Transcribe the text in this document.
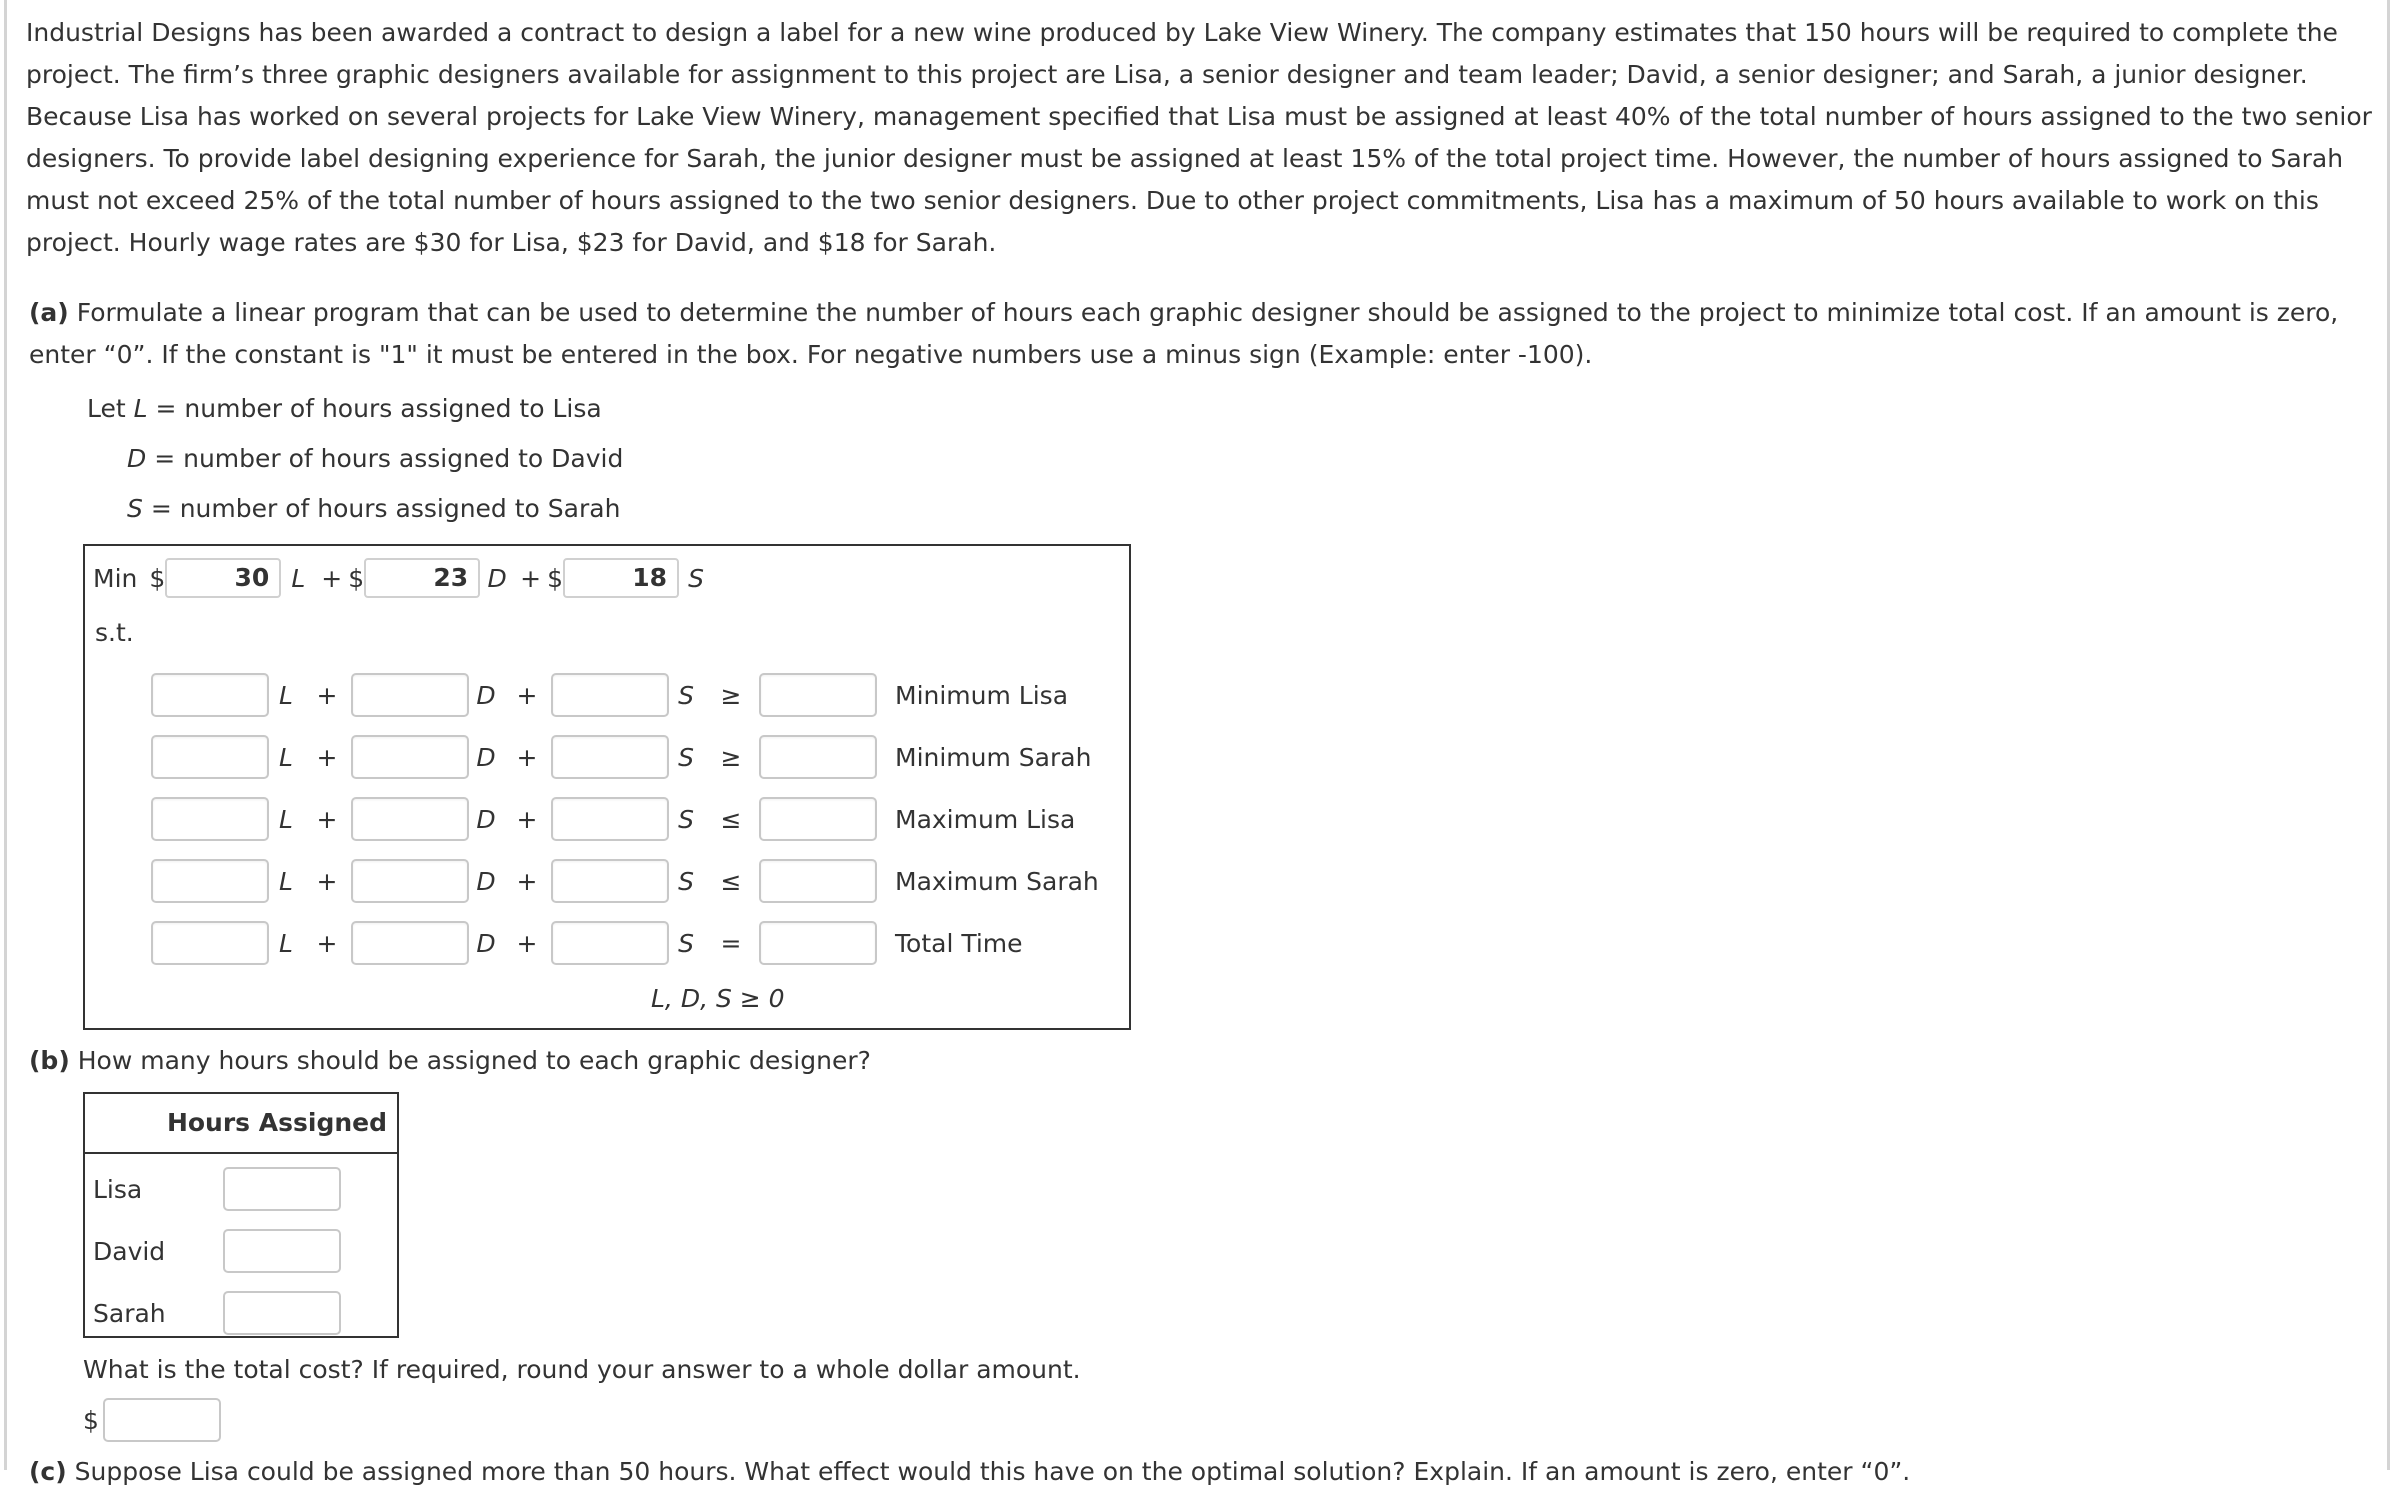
Industrial Designs has been awarded a contract to design a label for a new wine produced by Lake View Winery. The company estimates that 150 hours will be required to complete the project. The firm’s three graphic designers available for assignment to this project are Lisa, a senior designer and team leader; David, a senior designer; and Sarah, a junior designer. Because Lisa has worked on several projects for Lake View Winery, management specified that Lisa must be assigned at least 40% of the total number of hours assigned to the two senior designers. To provide label designing experience for Sarah, the junior designer must be assigned at least 15% of the total project time. However, the number of hours assigned to Sarah must not exceed 25% of the total number of hours assigned to the two senior designers. Due to other project commitments, Lisa has a maximum of 50 hours available to work on this project. Hourly wage rates are $30 for Lisa, $23 for David, and $18 for Sarah.
(a) Formulate a linear program that can be used to determine the number of hours each graphic designer should be assigned to the project to minimize total cost. If an amount is zero, enter “0”. If the constant is "1" it must be entered in the box. For negative numbers use a minus sign (Example: enter -100).
Let L = number of hours assigned to Lisa
D = number of hours assigned to David
S = number of hours assigned to Sarah
Min $	30 L + $	23 D + $	18 S
s.t.
L +	D +	S	≥	Minimum Lisa
L +	D +	S	≥	Minimum Sarah
L +	D +	S	≤	Maximum Lisa
L +	D +	S	≤	Maximum Sarah
L +	D +	S	=	Total Time
L, D, S ≥ 0
(b) How many hours should be assigned to each graphic designer?
Hours Assigned
Lisa
David
Sarah
What is the total cost? If required, round your answer to a whole dollar amount.
$
(c) Suppose Lisa could be assigned more than 50 hours. What effect would this have on the optimal solution? Explain. If an amount is zero, enter “0”.
